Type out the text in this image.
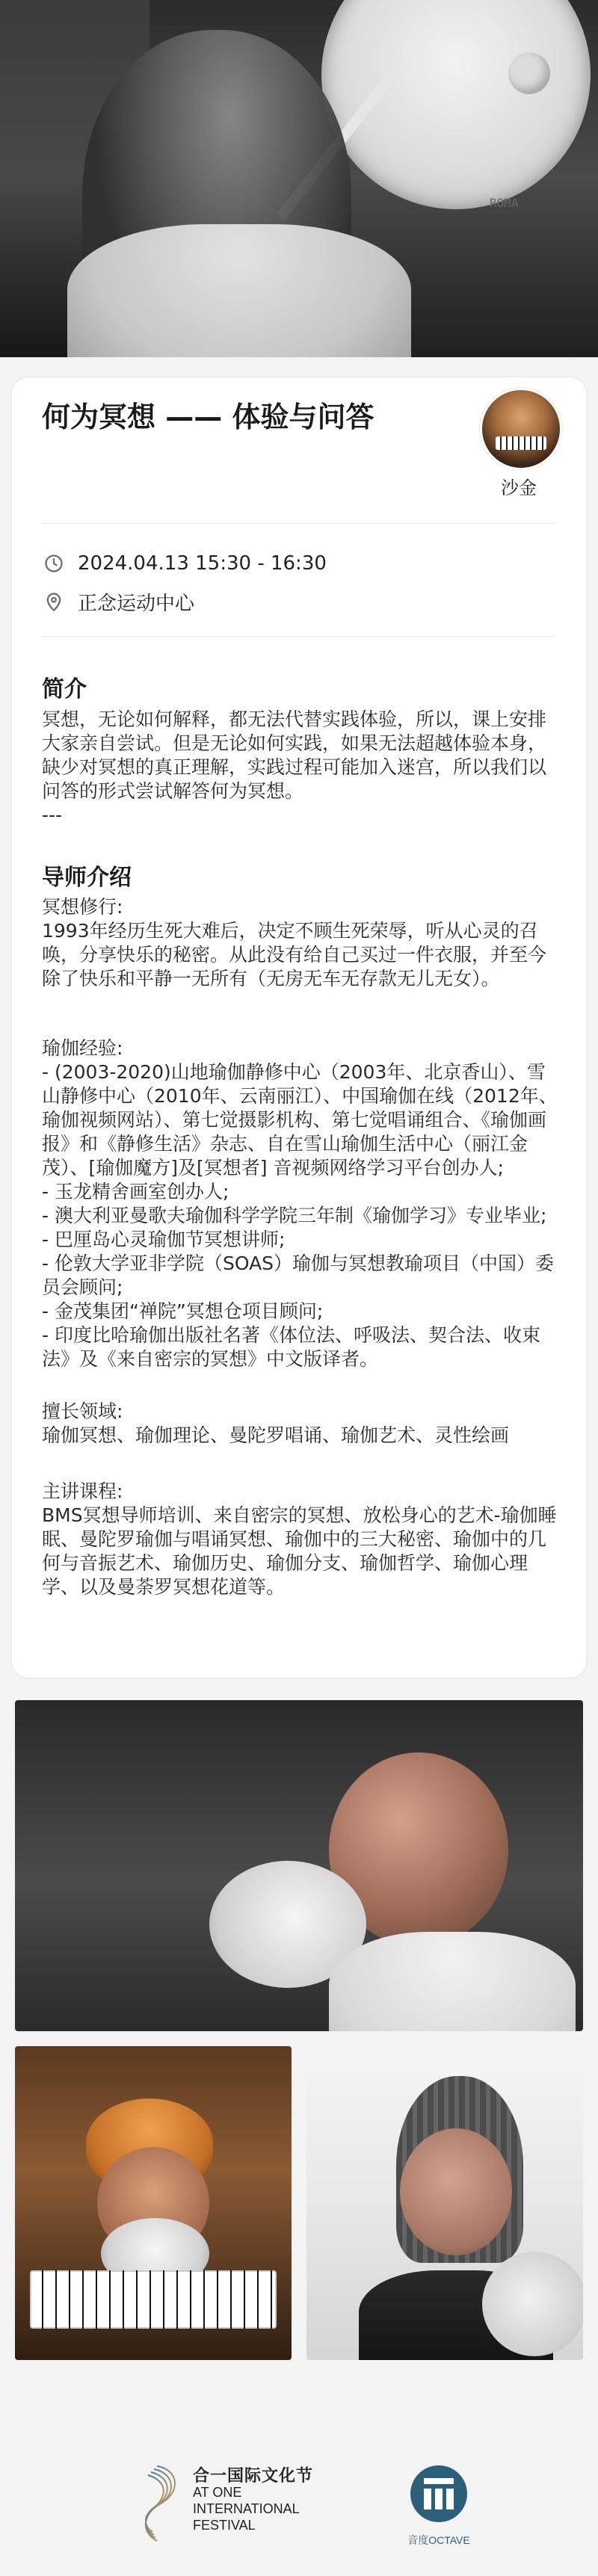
ROMA
何为冥想 —— 体验与问答
沙金
2024.04.13 15:30 - 16:30
正念运动中心
简介
冥想，无论如何解释，都无法代替实践体验，所以，课上安排大家亲自尝试。但是无论如何实践，如果无法超越体验本身，缺少对冥想的真正理解，实践过程可能加入迷宫，所以我们以问答的形式尝试解答何为冥想。
---
导师介绍
冥想修行:
1993年经历生死大难后，决定不顾生死荣辱，听从心灵的召唤，分享快乐的秘密。从此没有给自己买过一件衣服，并至今除了快乐和平静一无所有（无房无车无存款无儿无女）。
瑜伽经验:
- (2003-2020)山地瑜伽静修中心（2003年、北京香山）、雪山静修中心（2010年、云南丽江）、中国瑜伽在线（2012年、瑜伽视频网站）、第七觉摄影机构、第七觉唱诵组合、《瑜伽画报》和《静修生活》杂志、自在雪山瑜伽生活中心（丽江金茂）、[瑜伽魔方]及[冥想者] 音视频网络学习平台创办人;
- 玉龙精舍画室创办人;
- 澳大利亚曼歌夫瑜伽科学学院三年制《瑜伽学习》专业毕业;
- 巴厘岛心灵瑜伽节冥想讲师;
- 伦敦大学亚非学院（SOAS）瑜伽与冥想教瑜项目（中国）委员会顾问;
- 金茂集团“禅院”冥想仓项目顾问;
- 印度比哈瑜伽出版社名著《体位法、呼吸法、契合法、收束法》及《来自密宗的冥想》中文版译者。
擅长领域:
瑜伽冥想、瑜伽理论、曼陀罗唱诵、瑜伽艺术、灵性绘画
主讲课程:
BMS冥想导师培训、来自密宗的冥想、放松身心的艺术-瑜伽睡眠、曼陀罗瑜伽与唱诵冥想、瑜伽中的三大秘密、瑜伽中的几何与音振艺术、瑜伽历史、瑜伽分支、瑜伽哲学、瑜伽心理学、以及曼荼罗冥想花道等。
合一国际文化节
AT ONE
INTERNATIONAL
FESTIVAL
音度OCTAVE
